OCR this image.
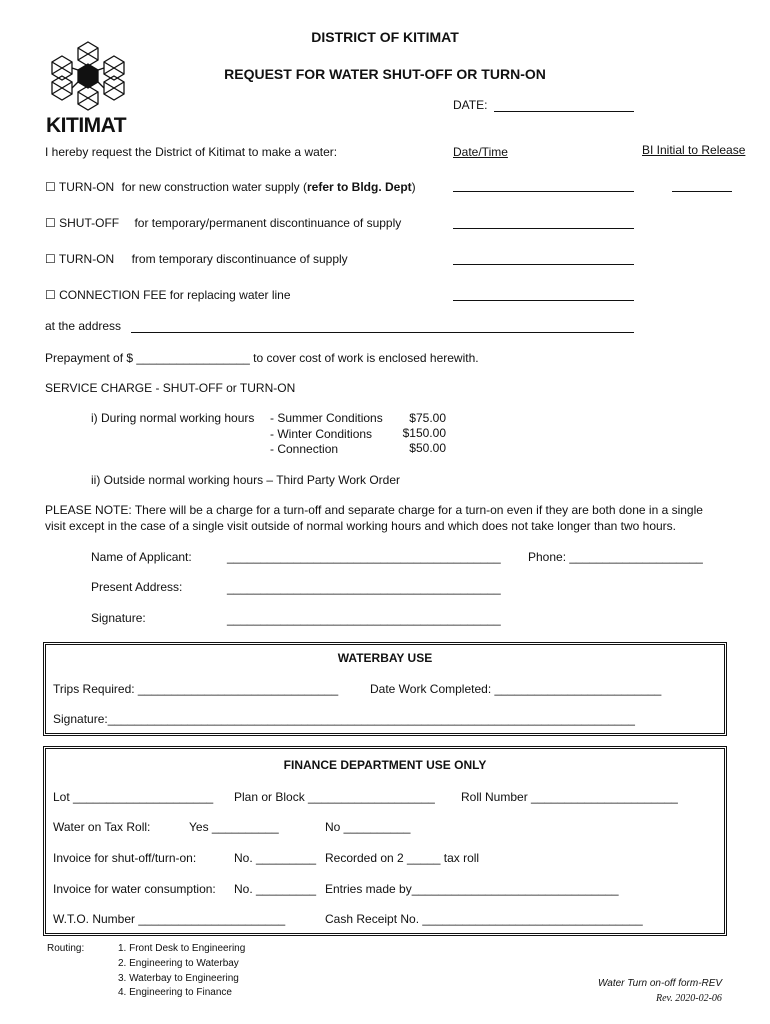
KITIMAT
DISTRICT OF KITIMAT
REQUEST FOR WATER SHUT-OFF OR TURN-ON
DATE:
I hereby request the District of Kitimat to make a water:	Date/Time	BI Initial to Release
☐ TURN-ON for new construction water supply (refer to Bldg. Dept)
☐ SHUT-OFF for temporary/permanent discontinuance of supply
☐ TURN-ON from temporary discontinuance of supply
☐ CONNECTION FEE for replacing water line
at the address
Prepayment of $ _________________ to cover cost of work is enclosed herewith.
SERVICE CHARGE - SHUT-OFF or TURN-ON
i) During normal working hours - Summer Conditions	$75.00
- Winter Conditions	$150.00
- Connection	$50.00
ii) Outside normal working hours – Third Party Work Order
PLEASE NOTE: There will be a charge for a turn-off and separate charge for a turn-on even if they are both done in a single
visit except in the case of a single visit outside of normal working hours and which does not take longer than two hours.
Name of Applicant:	_________________________________________ Phone: ____________________
Present Address:	_________________________________________
Signature:	_________________________________________
WATERBAY USE
Trips Required: ______________________________	Date Work Completed: _________________________
Signature:_______________________________________________________________________________
FINANCE DEPARTMENT USE ONLY
Lot _____________________ Plan or Block ___________________ Roll Number ______________________
Water on Tax Roll:	Yes __________	No __________
Invoice for shut-off/turn-on:	No. _________ Recorded on 2 _____ tax roll
Invoice for water consumption: No. _________ Entries made by_______________________________
W.T.O. Number ______________________	Cash Receipt No. _________________________________
Routing:	1. Front Desk to Engineering
2. Engineering to Waterbay
3. Waterbay to Engineering
4. Engineering to Finance
Water Turn on-off form-REV
Rev. 2020-02-06
